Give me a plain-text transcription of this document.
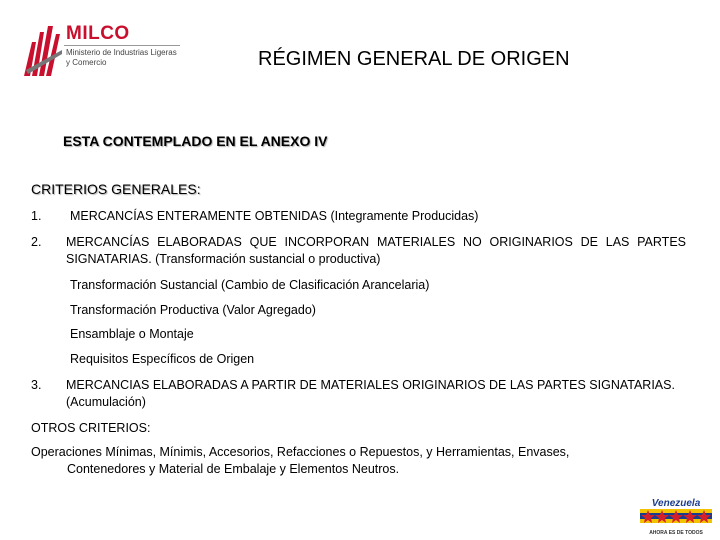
MILCO
Ministerio de Industrias Ligeras
y Comercio	RÉGIMEN GENERAL DE ORIGEN
ESTA CONTEMPLADO EN EL ANEXO IV
CRITERIOS GENERALES:
1. MERCANCÍAS ENTERAMENTE OBTENIDAS (Integramente Producidas)
2. MERCANCÍAS ELABORADAS QUE INCORPORAN MATERIALES NO ORIGINARIOS DE LAS PARTES SIGNATARIAS. (Transformación sustancial o productiva)
Transformación Sustancial (Cambio de Clasificación Arancelaria)
Transformación Productiva (Valor Agregado)
Ensamblaje o Montaje
Requisitos Específicos de Origen
3. MERCANCIAS ELABORADAS A PARTIR DE MATERIALES ORIGINARIOS DE LAS PARTES SIGNATARIAS. (Acumulación)
OTROS CRITERIOS:
Operaciones Mínimas, Mínimis, Accesorios, Refacciones o Repuestos, y Herramientas, Envases,
Contenedores y Material de Embalaje y Elementos Neutros.
Venezuela
AHORA ES DE TODOS
